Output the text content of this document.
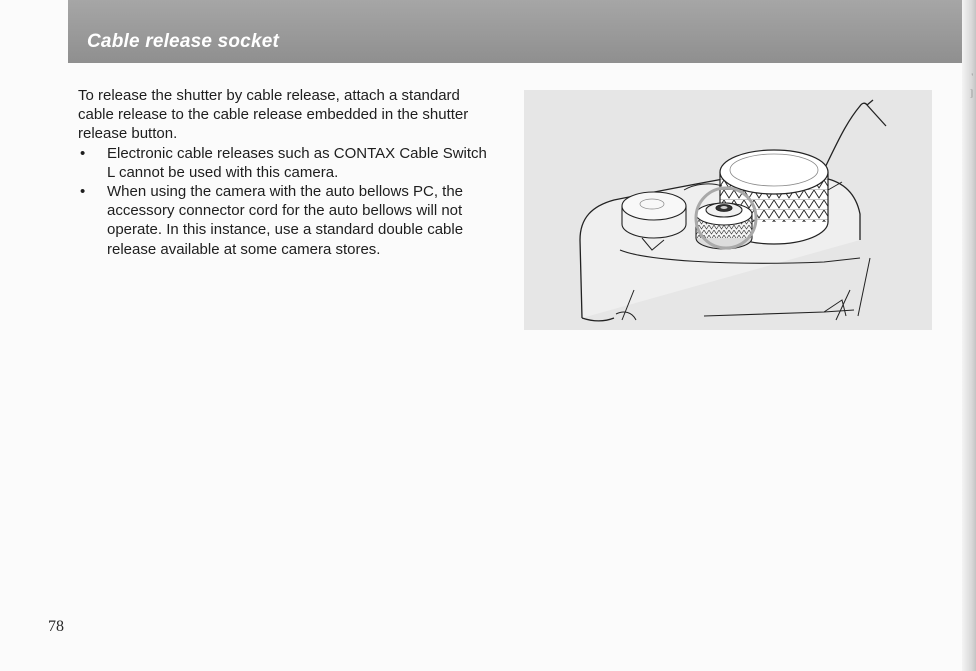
'
]
Cable release socket

To release the shutter by cable release, attach a standard cable release to the cable release embedded in the shutter release button.

• Electronic cable releases such as CONTAX Cable Switch L cannot be used with this camera.
• When using the camera with the auto bellows PC, the accessory connector cord for the auto bellows will not operate. In this instance, use a standard double cable release available at some camera stores.
78
